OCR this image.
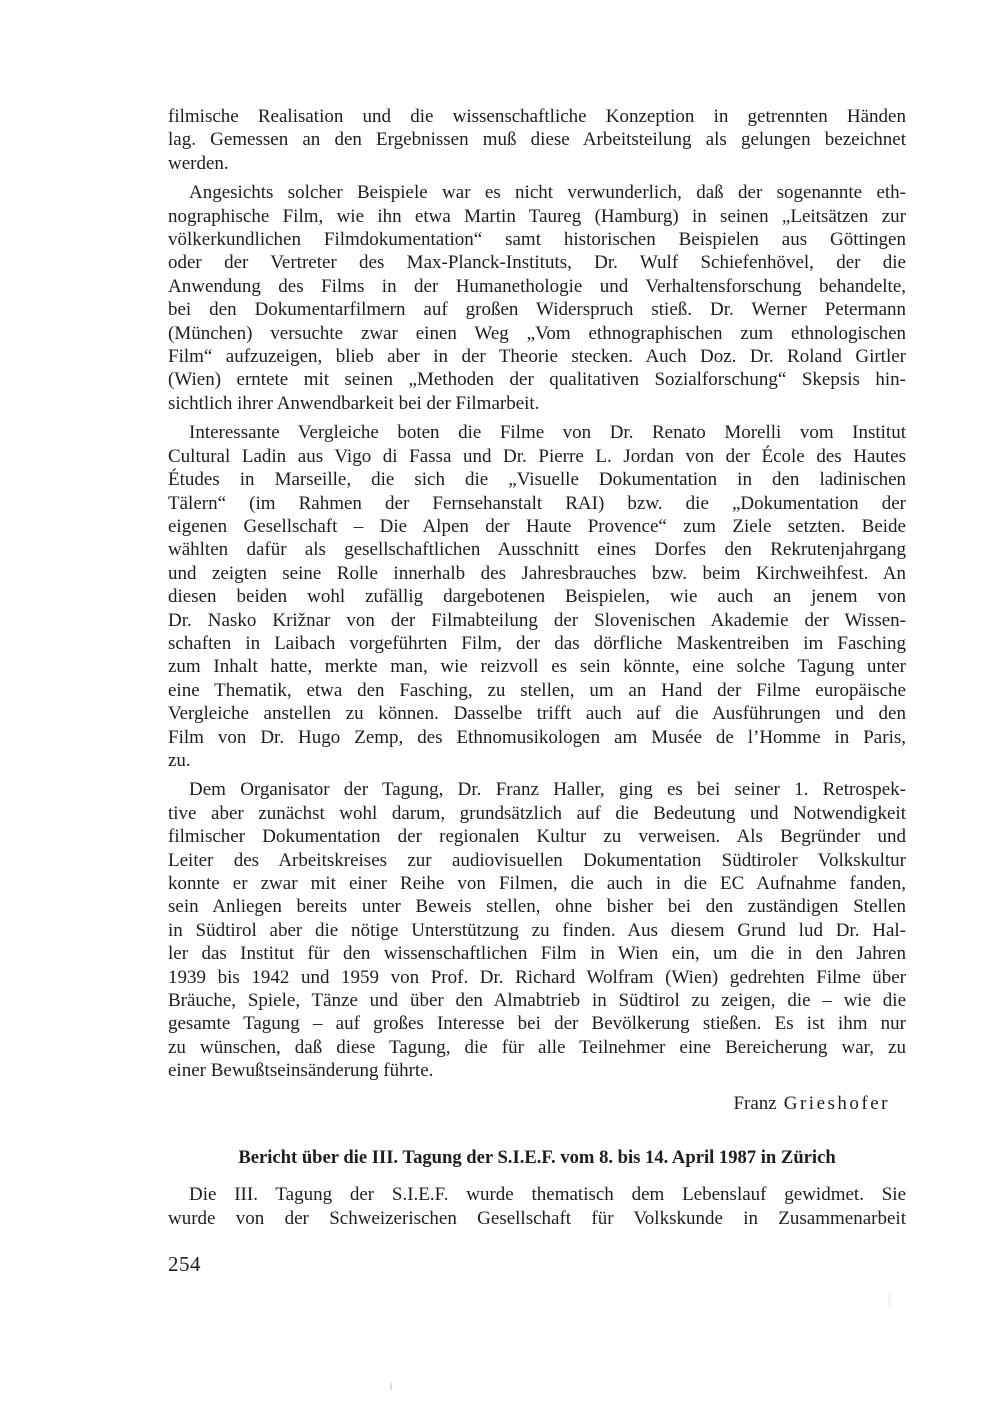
filmische Realisation und die wissenschaftliche Konzeption in getrennten Händen
lag. Gemessen an den Ergebnissen muß diese Arbeitsteilung als gelungen bezeichnet
werden.
Angesichts solcher Beispiele war es nicht verwunderlich, daß der sogenannte eth-
nographische Film, wie ihn etwa Martin Taureg (Hamburg) in seinen „Leitsätzen zur
völkerkundlichen Filmdokumentation“ samt historischen Beispielen aus Göttingen
oder der Vertreter des Max-Planck-Instituts, Dr. Wulf Schiefenhövel, der die
Anwendung des Films in der Humanethologie und Verhaltensforschung behandelte,
bei den Dokumentarfilmern auf großen Widerspruch stieß. Dr. Werner Petermann
(München) versuchte zwar einen Weg „Vom ethnographischen zum ethnologischen
Film“ aufzuzeigen, blieb aber in der Theorie stecken. Auch Doz. Dr. Roland Girtler
(Wien) erntete mit seinen „Methoden der qualitativen Sozialforschung“ Skepsis hin-
sichtlich ihrer Anwendbarkeit bei der Filmarbeit.
Interessante Vergleiche boten die Filme von Dr. Renato Morelli vom Institut
Cultural Ladin aus Vigo di Fassa und Dr. Pierre L. Jordan von der École des Hautes
Études in Marseille, die sich die „Visuelle Dokumentation in den ladinischen
Tälern“ (im Rahmen der Fernsehanstalt RAI) bzw. die „Dokumentation der
eigenen Gesellschaft – Die Alpen der Haute Provence“ zum Ziele setzten. Beide
wählten dafür als gesellschaftlichen Ausschnitt eines Dorfes den Rekrutenjahrgang
und zeigten seine Rolle innerhalb des Jahresbrauches bzw. beim Kirchweihfest. An
diesen beiden wohl zufällig dargebotenen Beispielen, wie auch an jenem von
Dr. Nasko Križnar von der Filmabteilung der Slovenischen Akademie der Wissen-
schaften in Laibach vorgeführten Film, der das dörfliche Maskentreiben im Fasching
zum Inhalt hatte, merkte man, wie reizvoll es sein könnte, eine solche Tagung unter
eine Thematik, etwa den Fasching, zu stellen, um an Hand der Filme europäische
Vergleiche anstellen zu können. Dasselbe trifft auch auf die Ausführungen und den
Film von Dr. Hugo Zemp, des Ethnomusikologen am Musée de l’Homme in Paris,
zu.
Dem Organisator der Tagung, Dr. Franz Haller, ging es bei seiner 1. Retrospek-
tive aber zunächst wohl darum, grundsätzlich auf die Bedeutung und Notwendigkeit
filmischer Dokumentation der regionalen Kultur zu verweisen. Als Begründer und
Leiter des Arbeitskreises zur audiovisuellen Dokumentation Südtiroler Volkskultur
konnte er zwar mit einer Reihe von Filmen, die auch in die EC Aufnahme fanden,
sein Anliegen bereits unter Beweis stellen, ohne bisher bei den zuständigen Stellen
in Südtirol aber die nötige Unterstützung zu finden. Aus diesem Grund lud Dr. Hal-
ler das Institut für den wissenschaftlichen Film in Wien ein, um die in den Jahren
1939 bis 1942 und 1959 von Prof. Dr. Richard Wolfram (Wien) gedrehten Filme über
Bräuche, Spiele, Tänze und über den Almabtrieb in Südtirol zu zeigen, die – wie die
gesamte Tagung – auf großes Interesse bei der Bevölkerung stießen. Es ist ihm nur
zu wünschen, daß diese Tagung, die für alle Teilnehmer eine Bereicherung war, zu
einer Bewußtseinsänderung führte.
Franz Grieshofer
Bericht über die III. Tagung der S.I.E.F. vom 8. bis 14. April 1987 in Zürich
Die III. Tagung der S.I.E.F. wurde thematisch dem Lebenslauf gewidmet. Sie
wurde von der Schweizerischen Gesellschaft für Volkskunde in Zusammenarbeit
254
